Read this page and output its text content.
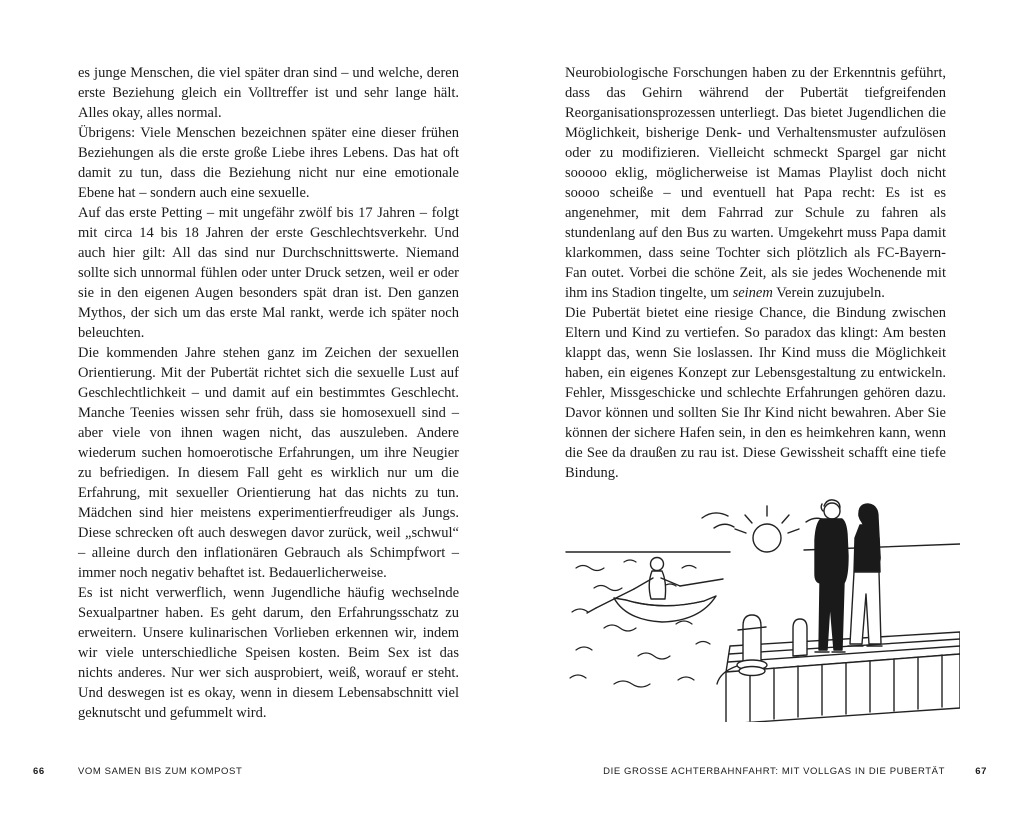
es junge Menschen, die viel später dran sind – und welche, deren erste Beziehung gleich ein Volltreffer ist und sehr lange hält. Alles okay, alles normal.

Übrigens: Viele Menschen bezeichnen später eine dieser frühen Beziehungen als die erste große Liebe ihres Lebens. Das hat oft damit zu tun, dass die Beziehung nicht nur eine emotionale Ebene hat – sondern auch eine sexuelle.

Auf das erste Petting – mit ungefähr zwölf bis 17 Jahren – folgt mit circa 14 bis 18 Jahren der erste Geschlechtsverkehr. Und auch hier gilt: All das sind nur Durchschnittswerte. Niemand sollte sich unnormal fühlen oder unter Druck setzen, weil er oder sie in den eigenen Augen besonders spät dran ist. Den ganzen Mythos, der sich um das erste Mal rankt, werde ich später noch beleuchten.

Die kommenden Jahre stehen ganz im Zeichen der sexuellen Orientierung. Mit der Pubertät richtet sich die sexuelle Lust auf Geschlechtlichkeit – und damit auf ein bestimmtes Geschlecht. Manche Teenies wissen sehr früh, dass sie homosexuell sind – aber viele von ihnen wagen nicht, das auszuleben. Andere wiederum suchen homoerotische Erfahrungen, um ihre Neugier zu befriedigen. In diesem Fall geht es wirklich nur um die Erfahrung, mit sexueller Orientierung hat das nichts zu tun. Mädchen sind hier meistens experimentierfreudiger als Jungs. Diese schrecken oft auch deswegen davor zurück, weil „schwul“ – alleine durch den inflationären Gebrauch als Schimpfwort – immer noch negativ behaftet ist. Bedauerlicherweise.

Es ist nicht verwerflich, wenn Jugendliche häufig wechselnde Sexualpartner haben. Es geht darum, den Erfahrungsschatz zu erweitern. Unsere kulinarischen Vorlieben erkennen wir, indem wir viele unterschiedliche Speisen kosten. Beim Sex ist das nichts anderes. Nur wer sich ausprobiert, weiß, worauf er steht. Und deswegen ist es okay, wenn in diesem Lebensabschnitt viel geknutscht und gefummelt wird.

66	VOM SAMEN BIS ZUM KOMPOST

Neurobiologische Forschungen haben zu der Erkenntnis geführt, dass das Gehirn während der Pubertät tiefgreifenden Reorganisationsprozessen unterliegt. Das bietet Jugendlichen die Möglichkeit, bisherige Denk- und Verhaltensmuster aufzulösen oder zu modifizieren. Vielleicht schmeckt Spargel gar nicht sooooo eklig, möglicherweise ist Mamas Playlist doch nicht soooo scheiße – und eventuell hat Papa recht: Es ist es angenehmer, mit dem Fahrrad zur Schule zu fahren als stundenlang auf den Bus zu warten. Umgekehrt muss Papa damit klarkommen, dass seine Tochter sich plötzlich als FC-Bayern-Fan outet. Vorbei die schöne Zeit, als sie jedes Wochenende mit ihm ins Stadion tingelte, um seinem Verein zuzujubeln.

Die Pubertät bietet eine riesige Chance, die Bindung zwischen Eltern und Kind zu vertiefen. So paradox das klingt: Am besten klappt das, wenn Sie loslassen. Ihr Kind muss die Möglichkeit haben, ein eigenes Konzept zur Lebensgestaltung zu entwickeln. Fehler, Missgeschicke und schlechte Erfahrungen gehören dazu. Davor können und sollten Sie Ihr Kind nicht bewahren. Aber Sie können der sichere Hafen sein, in den es heimkehren kann, wenn die See da draußen zu rau ist. Diese Gewissheit schafft eine tiefe Bindung.

DIE GROSSE ACHTERBAHNFAHRT: MIT VOLLGAS IN DIE PUBERTÄT	67
